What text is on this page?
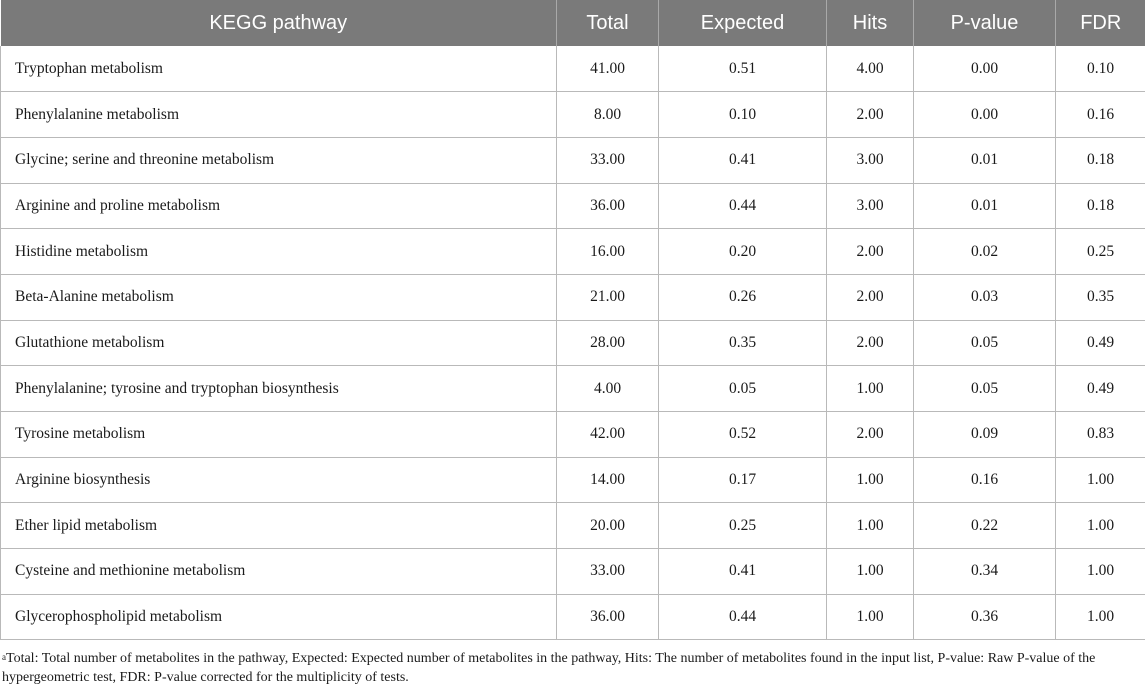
KEGG pathway	Total	Expected	Hits	P-value	FDR
Tryptophan metabolism	41.00	0.51	4.00	0.00	0.10
Phenylalanine metabolism	8.00	0.10	2.00	0.00	0.16
Glycine; serine and threonine metabolism	33.00	0.41	3.00	0.01	0.18
Arginine and proline metabolism	36.00	0.44	3.00	0.01	0.18
Histidine metabolism	16.00	0.20	2.00	0.02	0.25
Beta-Alanine metabolism	21.00	0.26	2.00	0.03	0.35
Glutathione metabolism	28.00	0.35	2.00	0.05	0.49
Phenylalanine; tyrosine and tryptophan biosynthesis	4.00	0.05	1.00	0.05	0.49
Tyrosine metabolism	42.00	0.52	2.00	0.09	0.83
Arginine biosynthesis	14.00	0.17	1.00	0.16	1.00
Ether lipid metabolism	20.00	0.25	1.00	0.22	1.00
Cysteine and methionine metabolism	33.00	0.41	1.00	0.34	1.00
Glycerophospholipid metabolism	36.00	0.44	1.00	0.36	1.00
$^a$Total: Total number of metabolites in the pathway, Expected: Expected number of metabolites in the pathway, Hits: The number of metabolites found in the input list, P-value: Raw P-value of the hypergeometric test, FDR: P-value corrected for the multiplicity of tests.
